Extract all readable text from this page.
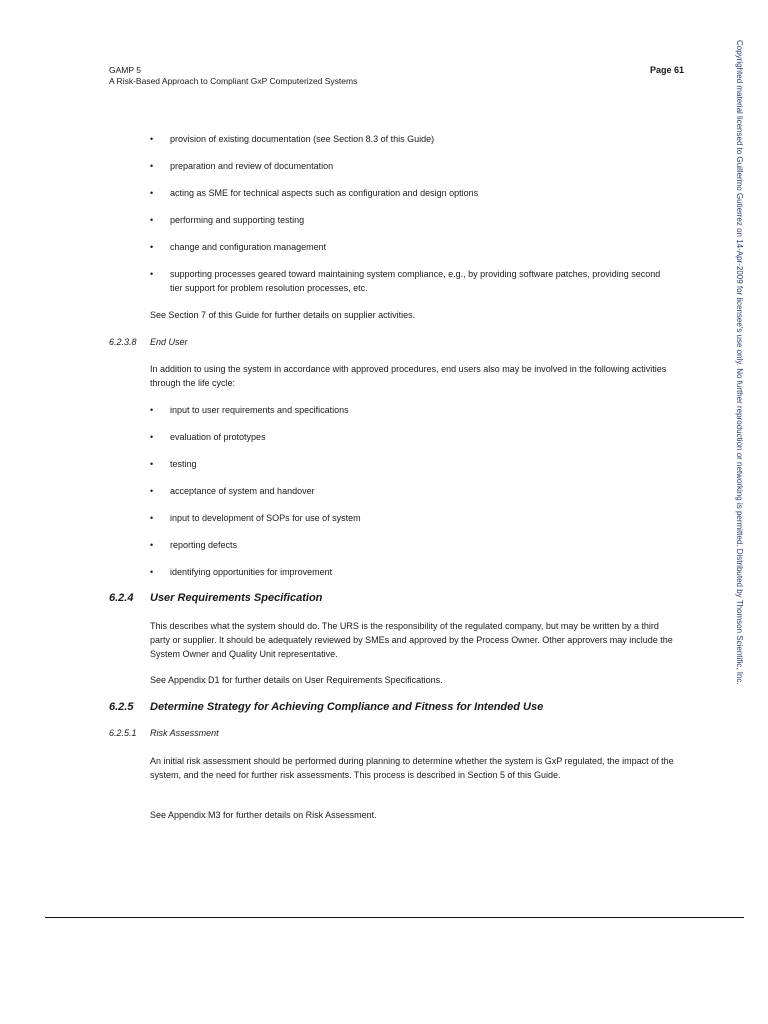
GAMP 5
A Risk-Based Approach to Compliant GxP Computerized Systems
Page 61
• provision of existing documentation (see Section 8.3 of this Guide)
• preparation and review of documentation
• acting as SME for technical aspects such as configuration and design options
• performing and supporting testing
• change and configuration management
• supporting processes geared toward maintaining system compliance, e.g., by providing software patches, providing second tier support for problem resolution processes, etc.
See Section 7 of this Guide for further details on supplier activities.
6.2.3.8 End User
In addition to using the system in accordance with approved procedures, end users also may be involved in the following activities through the life cycle:
• input to user requirements and specifications
• evaluation of prototypes
• testing
• acceptance of system and handover
• input to development of SOPs for use of system
• reporting defects
• identifying opportunities for improvement
6.2.4 User Requirements Specification
This describes what the system should do. The URS is the responsibility of the regulated company, but may be written by a third party or supplier. It should be adequately reviewed by SMEs and approved by the Process Owner. Other approvers may include the System Owner and Quality Unit representative.
See Appendix D1 for further details on User Requirements Specifications.
6.2.5 Determine Strategy for Achieving Compliance and Fitness for Intended Use
6.2.5.1 Risk Assessment
An initial risk assessment should be performed during planning to determine whether the system is GxP regulated, the impact of the system, and the need for further risk assessments. This process is described in Section 5 of this Guide.
See Appendix M3 for further details on Risk Assessment.
Copyrighted material licensed to Guillermo Gutierrez on 14-Apr-2009 for licensee's use only. No further reproduction or networking is permitted. Distributed by Thomson Scientific, Inc.
